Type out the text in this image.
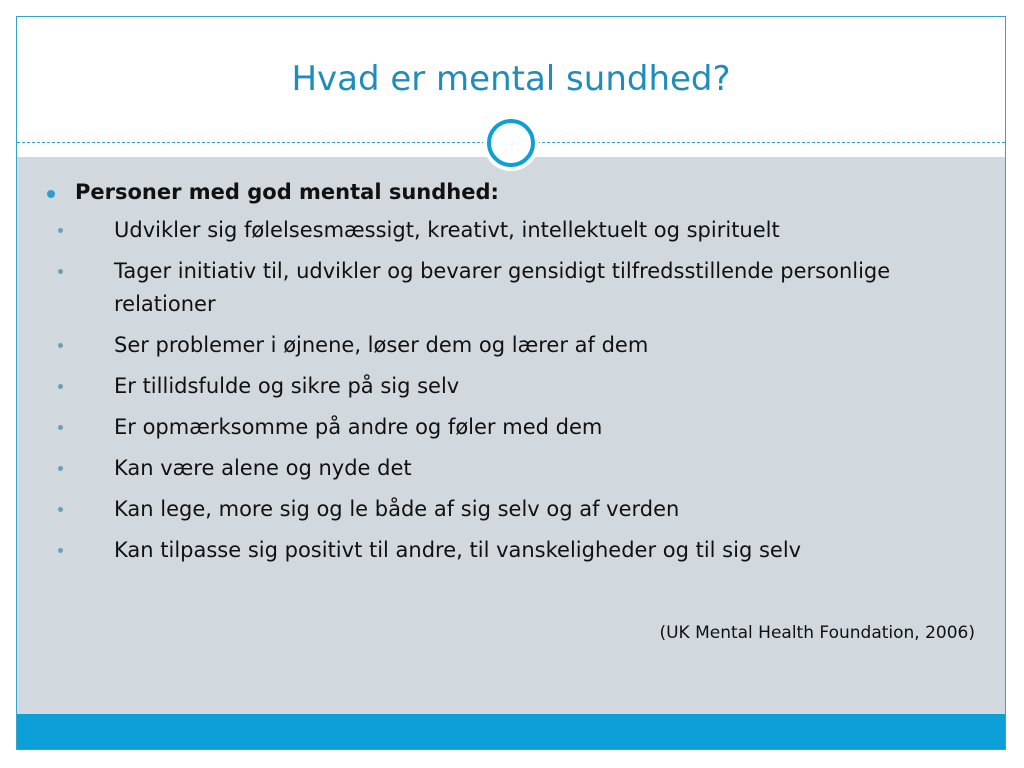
Hvad er mental sundhed?
Personer med god mental sundhed:
Udvikler sig følelsesmæssigt, kreativt, intellektuelt og spirituelt
Tager initiativ til, udvikler og bevarer gensidigt tilfredsstillende personlige relationer
Ser problemer i øjnene, løser dem og lærer af dem
Er tillidsfulde og sikre på sig selv
Er opmærksomme på andre og føler med dem
Kan være alene og nyde det
Kan lege, more sig og le både af sig selv og af verden
Kan tilpasse sig positivt til andre, til vanskeligheder og til sig selv
(UK Mental Health Foundation, 2006)
